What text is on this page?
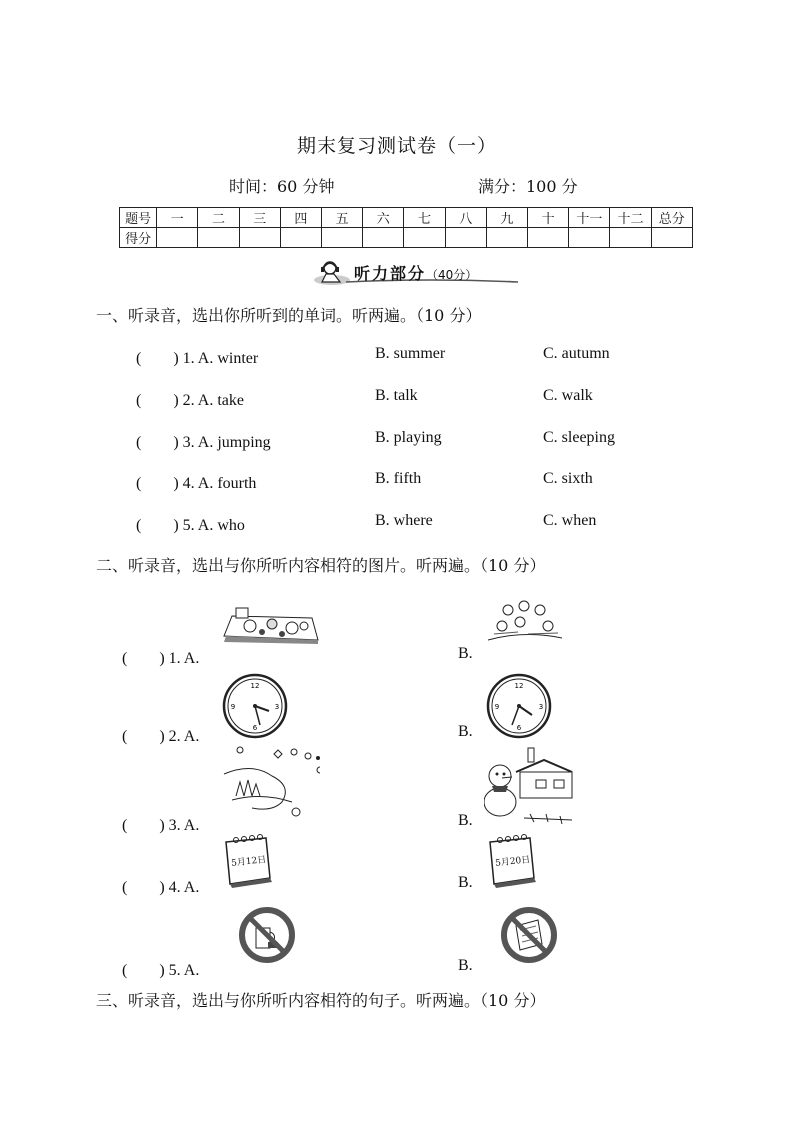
期末复习测试卷（一）
时间：60 分钟	满分：100 分
题号	一	二	三	四	五	六	七	八	九	十	十一	十二	总分
得分													
听力部分（40分）
一、听录音，选出你所听到的单词。听两遍。（10 分）
(　　) 1. A. winter	B. summer	C. autumn
(　　) 2. A. take	B. talk	C. walk
(　　) 3. A. jumping	B. playing	C. sleeping
(　　) 4. A. fourth	B. fifth	C. sixth
(　　) 5. A. who	B. where	C. when
二、听录音，选出与你所听内容相符的图片。听两遍。（10 分）
(　　) 1. A.	B.
(　　) 2. A.	B.
12
3
6
9
12
3
6
9
(　　) 3. A.	B.
(　　) 4. A.	B.
5月12日	5月20日
(　　) 5. A.	B.
三、听录音，选出与你所听内容相符的句子。听两遍。（10 分）
